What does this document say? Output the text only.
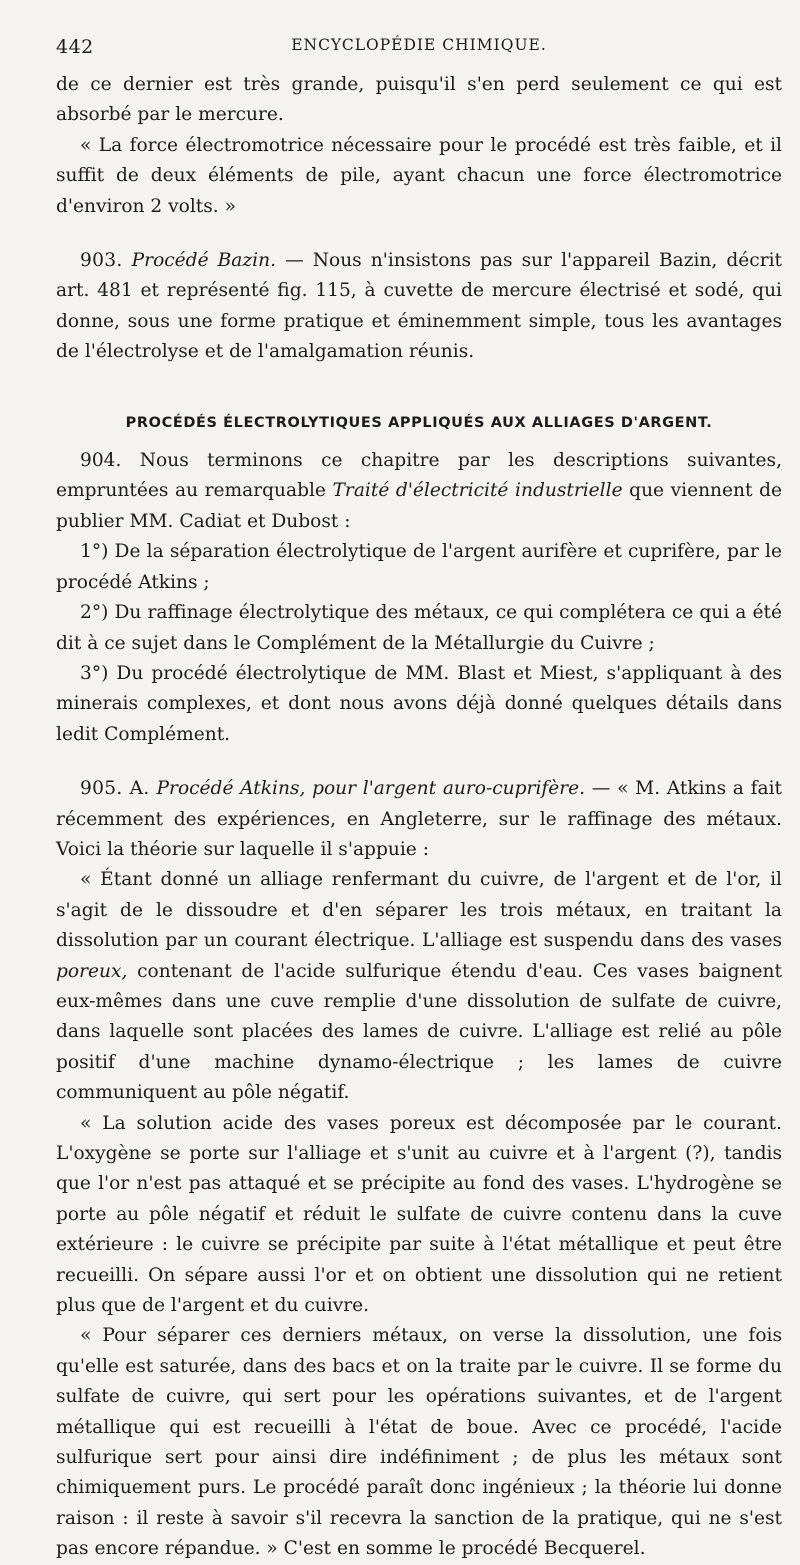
442	ENCYCLOPÉDIE CHIMIQUE.

de ce dernier est très grande, puisqu'il s'en perd seulement ce qui est absorbé par le mercure.

« La force électromotrice nécessaire pour le procédé est très faible, et il suffit de deux éléments de pile, ayant chacun une force électromotrice d'environ 2 volts. »

903. Procédé Bazin. — Nous n'insistons pas sur l'appareil Bazin, décrit art. 481 et représenté fig. 115, à cuvette de mercure électrisé et sodé, qui donne, sous une forme pratique et éminemment simple, tous les avantages de l'électrolyse et de l'amalgamation réunis.

PROCÉDÉS ÉLECTROLYTIQUES APPLIQUÉS AUX ALLIAGES D'ARGENT.

904. Nous terminons ce chapitre par les descriptions suivantes, empruntées au remarquable Traité d'électricité industrielle que viennent de publier MM. Cadiat et Dubost :

1°) De la séparation électrolytique de l'argent aurifère et cuprifère, par le procédé Atkins ;

2°) Du raffinage électrolytique des métaux, ce qui complétera ce qui a été dit à ce sujet dans le Complément de la Métallurgie du Cuivre ;

3°) Du procédé électrolytique de MM. Blast et Miest, s'appliquant à des minerais complexes, et dont nous avons déjà donné quelques détails dans ledit Complément.

905. A. Procédé Atkins, pour l'argent auro-cuprifère. — « M. Atkins a fait récemment des expériences, en Angleterre, sur le raffinage des métaux. Voici la théorie sur laquelle il s'appuie :

« Étant donné un alliage renfermant du cuivre, de l'argent et de l'or, il s'agit de le dissoudre et d'en séparer les trois métaux, en traitant la dissolution par un courant électrique. L'alliage est suspendu dans des vases poreux, contenant de l'acide sulfurique étendu d'eau. Ces vases baignent eux-mêmes dans une cuve remplie d'une dissolution de sulfate de cuivre, dans laquelle sont placées des lames de cuivre. L'alliage est relié au pôle positif d'une machine dynamo-électrique ; les lames de cuivre communiquent au pôle négatif.

« La solution acide des vases poreux est décomposée par le courant. L'oxygène se porte sur l'alliage et s'unit au cuivre et à l'argent (?), tandis que l'or n'est pas attaqué et se précipite au fond des vases. L'hydrogène se porte au pôle négatif et réduit le sulfate de cuivre contenu dans la cuve extérieure : le cuivre se précipite par suite à l'état métallique et peut être recueilli. On sépare aussi l'or et on obtient une dissolution qui ne retient plus que de l'argent et du cuivre.

« Pour séparer ces derniers métaux, on verse la dissolution, une fois qu'elle est saturée, dans des bacs et on la traite par le cuivre. Il se forme du sulfate de cuivre, qui sert pour les opérations suivantes, et de l'argent métallique qui est recueilli à l'état de boue. Avec ce procédé, l'acide sulfurique sert pour ainsi dire indéfiniment ; de plus les métaux sont chimiquement purs. Le procédé paraît donc ingénieux ; la théorie lui donne raison : il reste à savoir s'il recevra la sanction de la pratique, qui ne s'est pas encore répandue. » C'est en somme le procédé Becquerel.
